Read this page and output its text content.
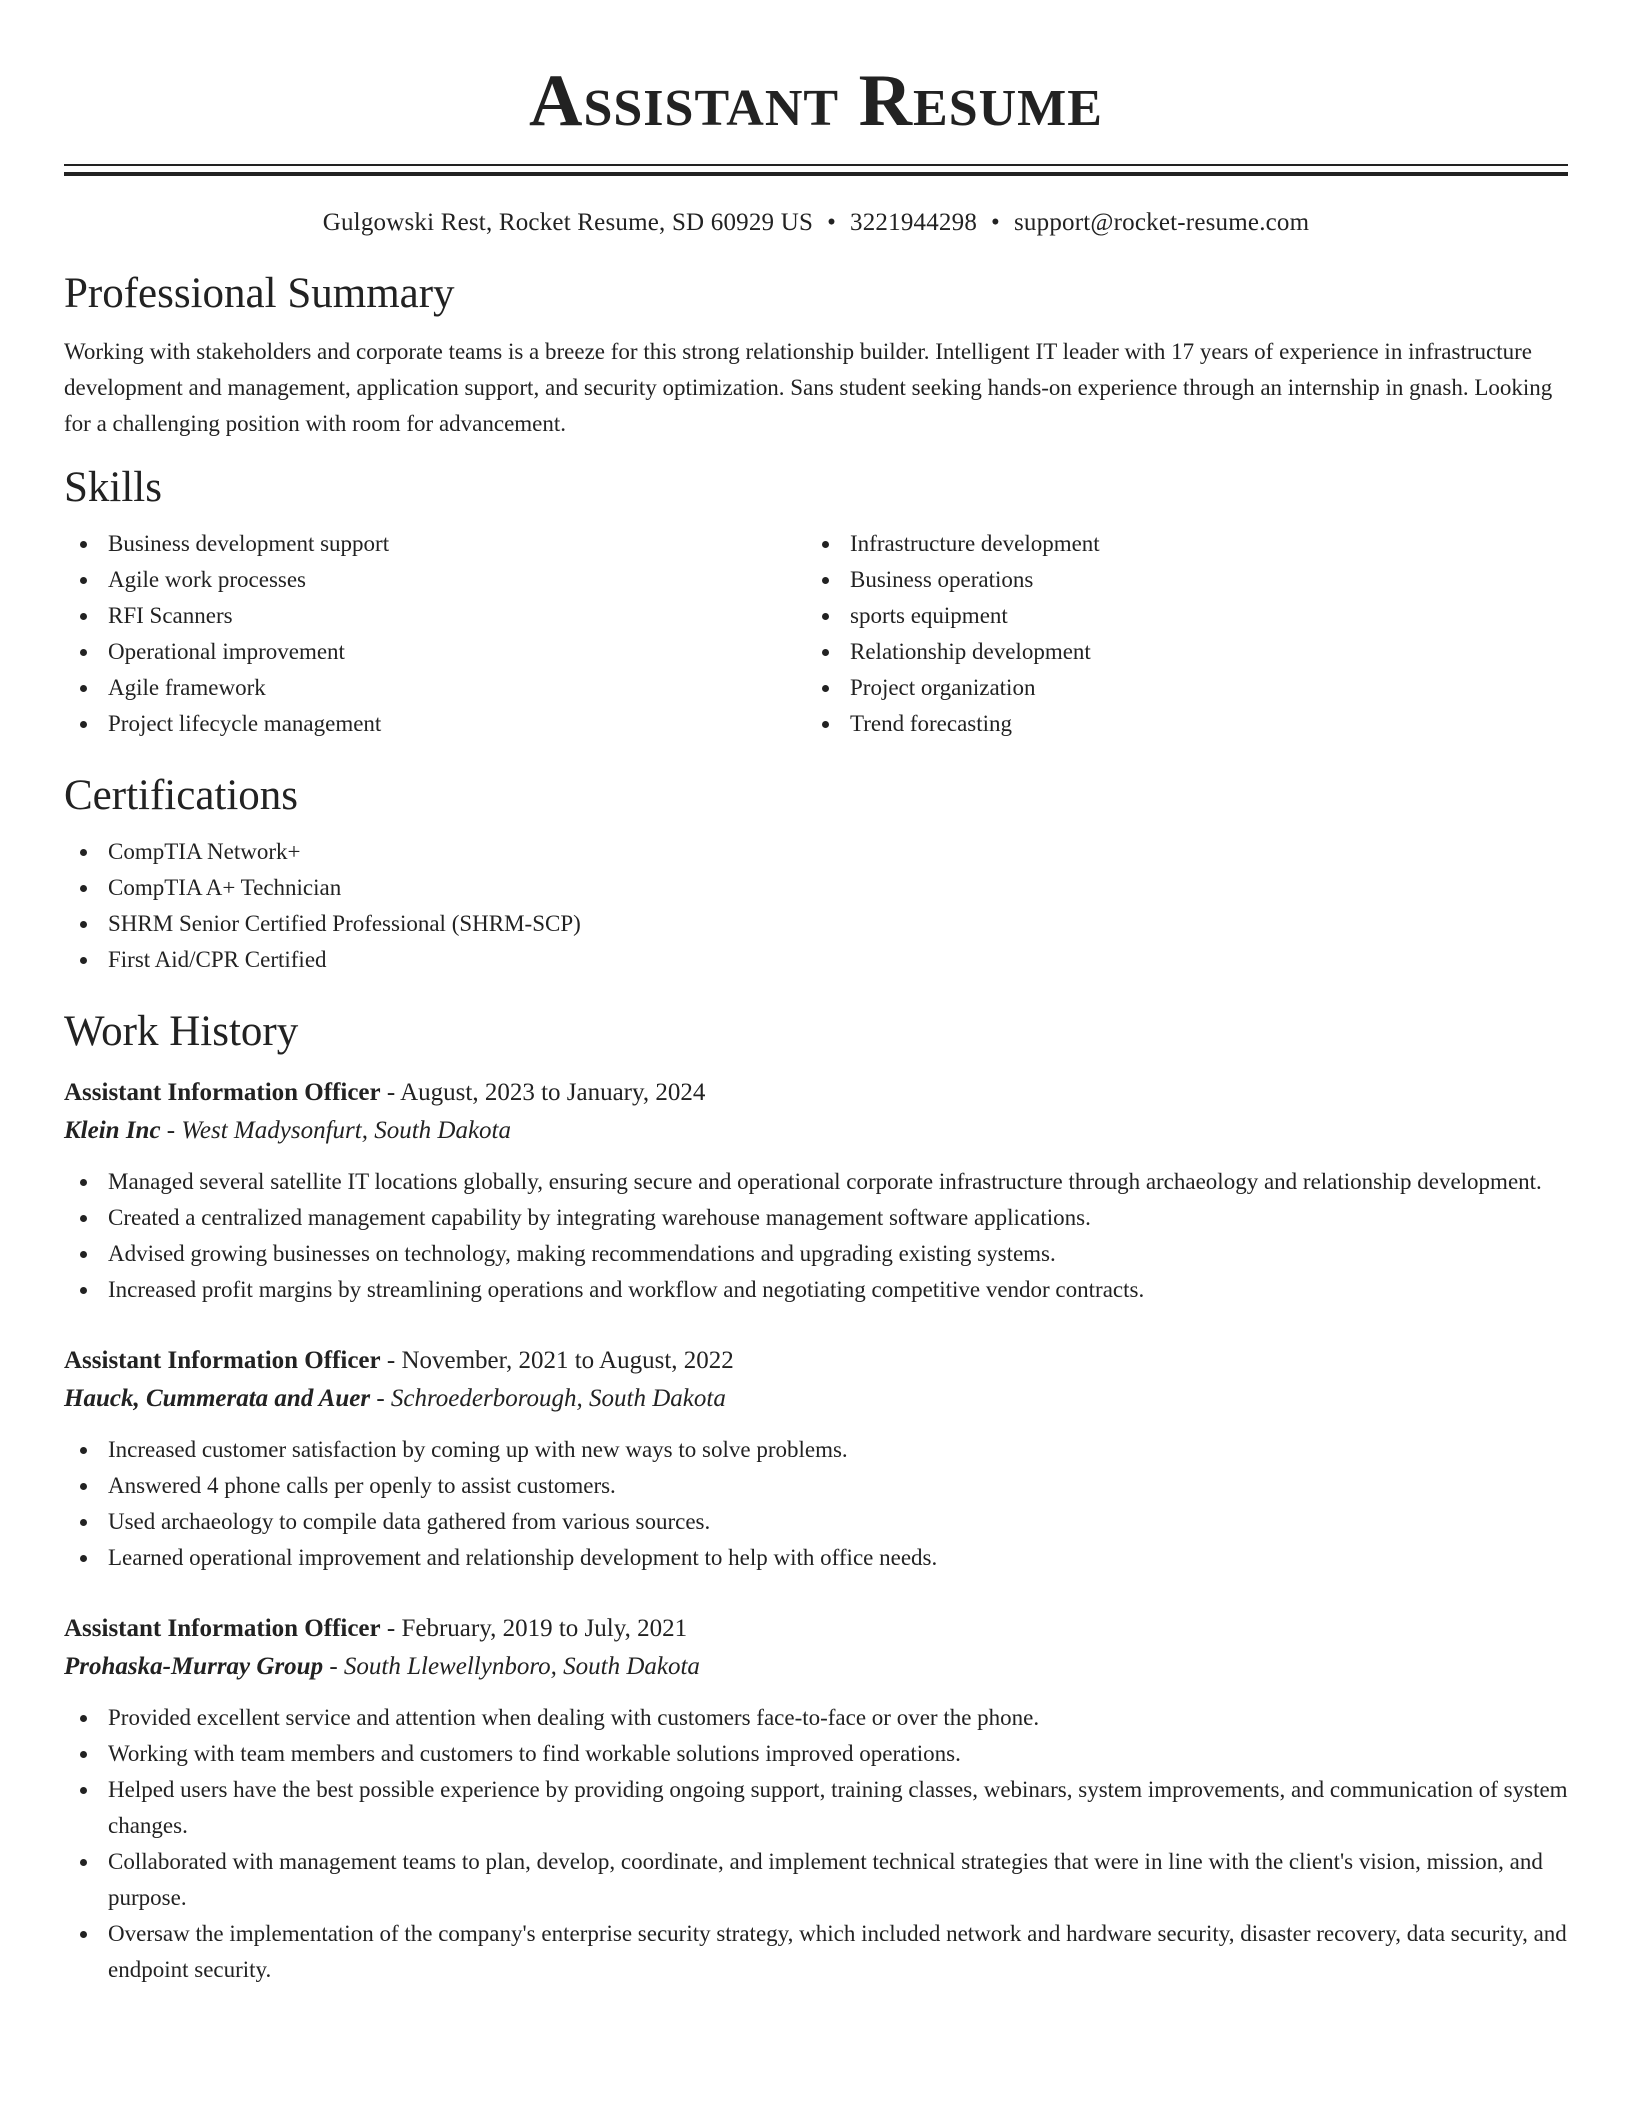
Assistant Resume
Gulgowski Rest, Rocket Resume, SD 60929 US • 3221944298 • support@rocket-resume.com
Professional Summary
Working with stakeholders and corporate teams is a breeze for this strong relationship builder. Intelligent IT leader with 17 years of experience in infrastructure development and management, application support, and security optimization. Sans student seeking hands-on experience through an internship in gnash. Looking for a challenging position with room for advancement.
Skills
Business development support
Agile work processes
RFI Scanners
Operational improvement
Agile framework
Project lifecycle management
Infrastructure development
Business operations
sports equipment
Relationship development
Project organization
Trend forecasting
Certifications
CompTIA Network+
CompTIA A+ Technician
SHRM Senior Certified Professional (SHRM-SCP)
First Aid/CPR Certified
Work History
Assistant Information Officer - August, 2023 to January, 2024
Klein Inc - West Madysonfurt, South Dakota
Managed several satellite IT locations globally, ensuring secure and operational corporate infrastructure through archaeology and relationship development.
Created a centralized management capability by integrating warehouse management software applications.
Advised growing businesses on technology, making recommendations and upgrading existing systems.
Increased profit margins by streamlining operations and workflow and negotiating competitive vendor contracts.
Assistant Information Officer - November, 2021 to August, 2022
Hauck, Cummerata and Auer - Schroederborough, South Dakota
Increased customer satisfaction by coming up with new ways to solve problems.
Answered 4 phone calls per openly to assist customers.
Used archaeology to compile data gathered from various sources.
Learned operational improvement and relationship development to help with office needs.
Assistant Information Officer - February, 2019 to July, 2021
Prohaska-Murray Group - South Llewellynboro, South Dakota
Provided excellent service and attention when dealing with customers face-to-face or over the phone.
Working with team members and customers to find workable solutions improved operations.
Helped users have the best possible experience by providing ongoing support, training classes, webinars, system improvements, and communication of system changes.
Collaborated with management teams to plan, develop, coordinate, and implement technical strategies that were in line with the client's vision, mission, and purpose.
Oversaw the implementation of the company's enterprise security strategy, which included network and hardware security, disaster recovery, data security, and endpoint security.
